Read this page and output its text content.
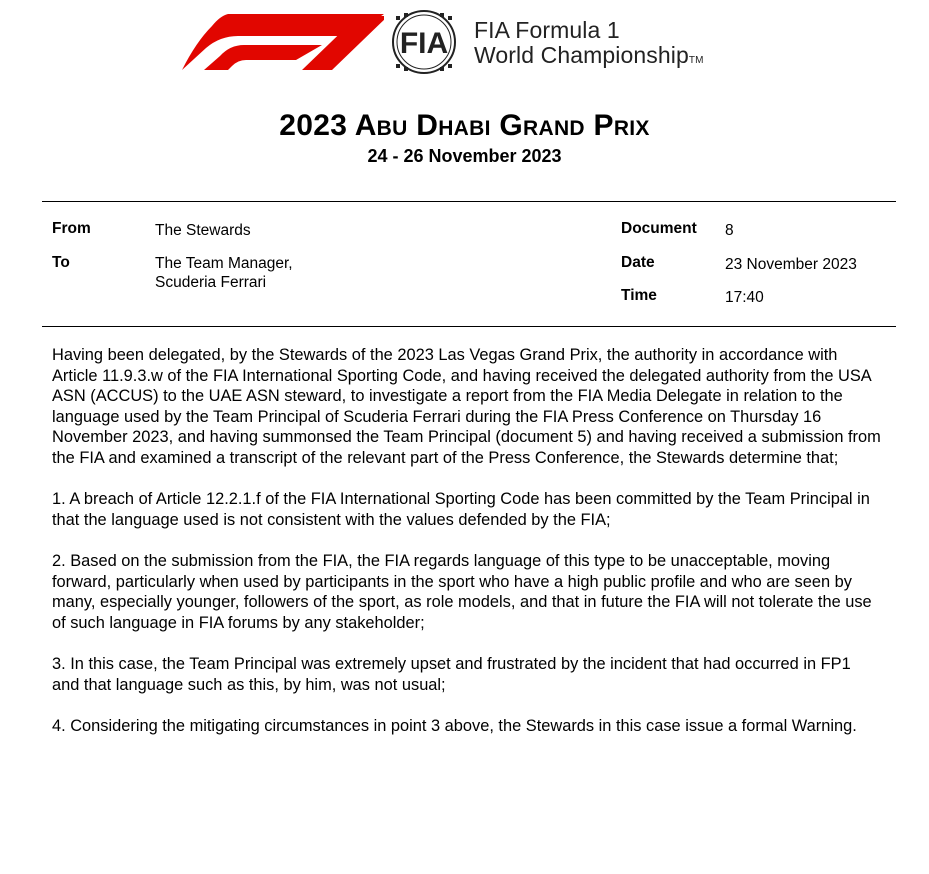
FIA FIA Formula 1
World ChampionshipTM
2023 Abu Dhabi Grand Prix
24 - 26 November 2023
From	The Stewards
To	The Team Manager,
Scuderia Ferrari
Document 8
Date	23 November 2023
Time	17:40

Having been delegated, by the Stewards of the 2023 Las Vegas Grand Prix, the authority in accordance with Article 11.9.3.w of the FIA International Sporting Code, and having received the delegated authority from the USA ASN (ACCUS) to the UAE ASN steward, to investigate a report from the FIA Media Delegate in relation to the language used by the Team Principal of Scuderia Ferrari during the FIA Press Conference on Thursday 16 November 2023, and having summonsed the Team Principal (document 5) and having received a submission from the FIA and examined a transcript of the relevant part of the Press Conference, the Stewards determine that;

1. A breach of Article 12.2.1.f of the FIA International Sporting Code has been committed by the Team Principal in that the language used is not consistent with the values defended by the FIA;

2. Based on the submission from the FIA, the FIA regards language of this type to be unacceptable, moving forward, particularly when used by participants in the sport who have a high public profile and who are seen by many, especially younger, followers of the sport, as role models, and that in future the FIA will not tolerate the use of such language in FIA forums by any stakeholder;

3. In this case, the Team Principal was extremely upset and frustrated by the incident that had occurred in FP1 and that language such as this, by him, was not usual;

4. Considering the mitigating circumstances in point 3 above, the Stewards in this case issue a formal Warning.
